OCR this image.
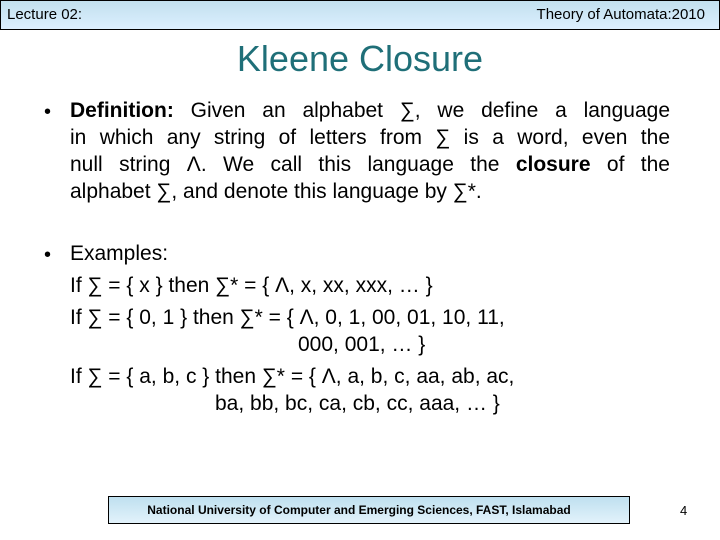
Lecture 02:	Theory of Automata:2010
Kleene Closure
• Definition: Given an alphabet ∑, we define a language
in which any string of letters from ∑ is a word, even the
null string Λ. We call this language the closure of the
alphabet ∑, and denote this language by ∑*.
• Examples:
If ∑ = { x } then ∑* = { Λ, x, xx, xxx, … }
If ∑ = { 0, 1 } then ∑* = { Λ, 0, 1, 00, 01, 10, 11,
000, 001, … }
If ∑ = { a, b, c } then ∑* = { Λ, a, b, c, aa, ab, ac,
ba, bb, bc, ca, cb, cc, aaa, … }
National University of Computer and Emerging Sciences, FAST, Islamabad	4
